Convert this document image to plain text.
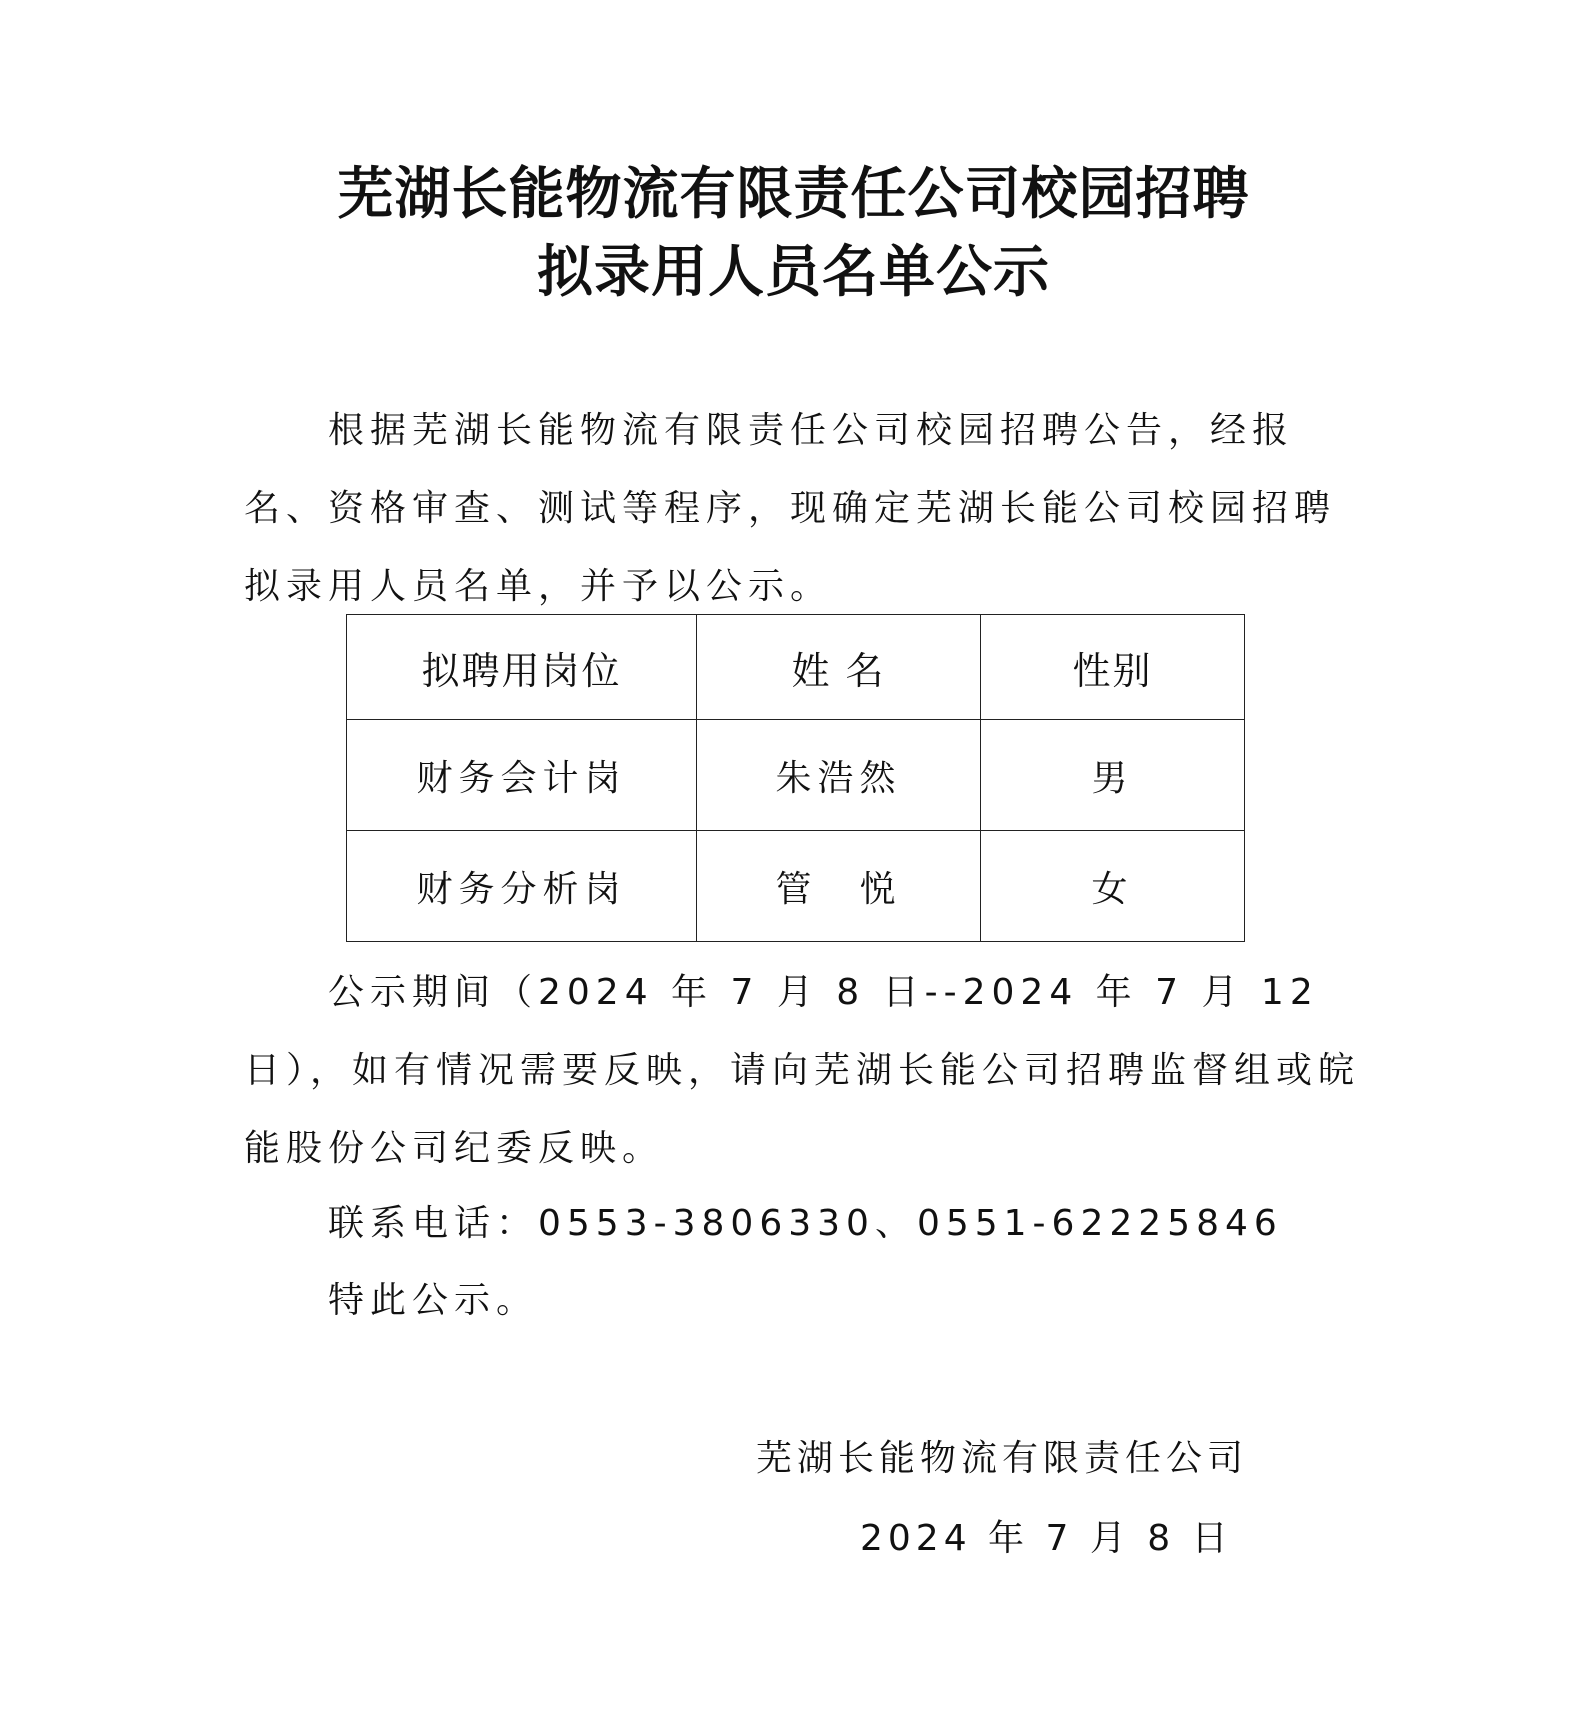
芜湖长能物流有限责任公司校园招聘
拟录用人员名单公示

根据芜湖长能物流有限责任公司校园招聘公告，经报名、资格审查、测试等程序，现确定芜湖长能公司校园招聘拟录用人员名单，并予以公示。

拟聘用岗位	姓 名	性别
财务会计岗	朱浩然	男
财务分析岗	管　悦	女

公示期间（2024 年 7 月 8 日--2024 年 7 月 12 日），如有情况需要反映，请向芜湖长能公司招聘监督组或皖能股份公司纪委反映。

联系电话：0553-3806330、0551-62225846

特此公示。

芜湖长能物流有限责任公司

2024 年 7 月 8 日
